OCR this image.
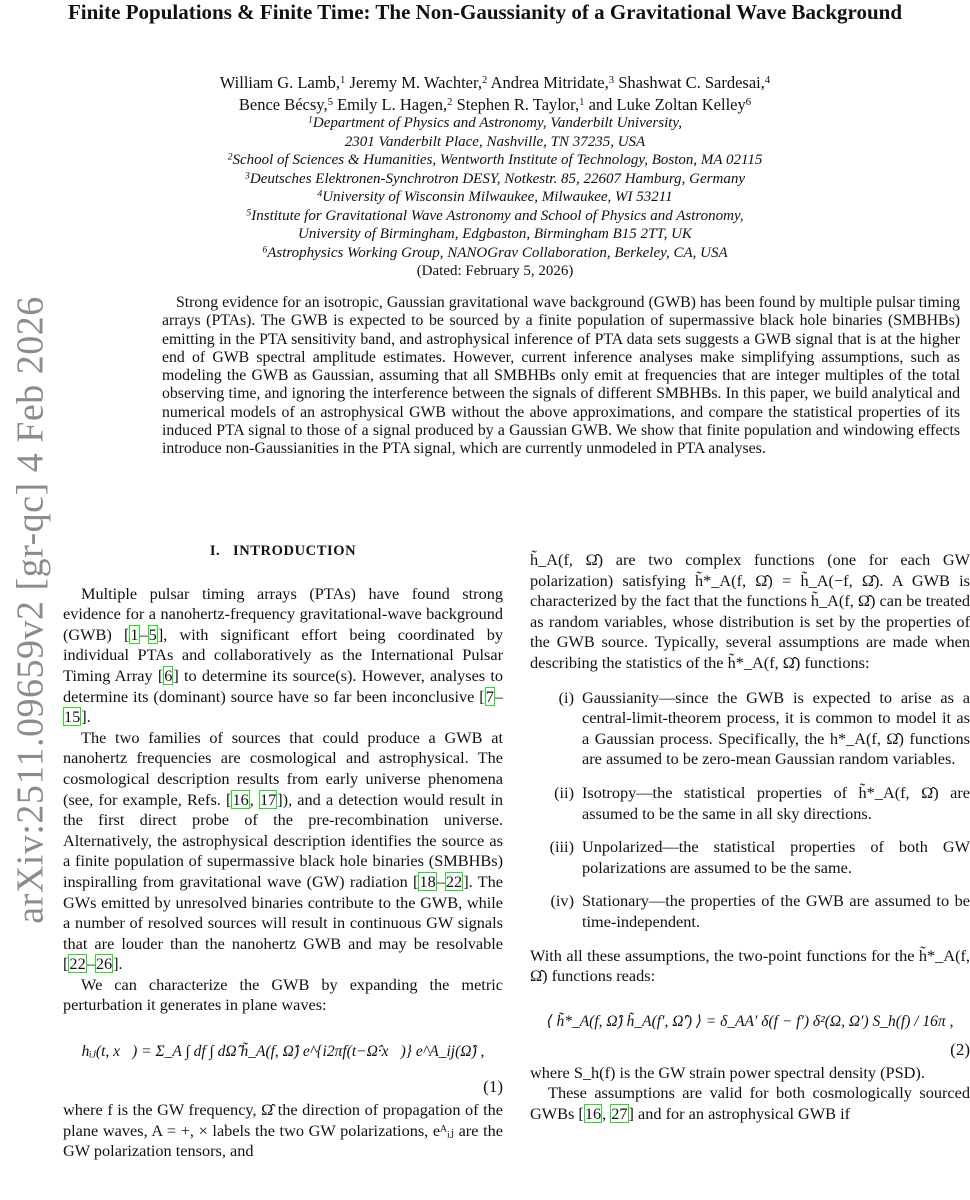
arXiv:2511.09659v2 [gr-qc] 4 Feb 2026
Finite Populations & Finite Time: The Non-Gaussianity of a Gravitational Wave Background
William G. Lamb,$^1$ Jeremy M. Wachter,$^2$ Andrea Mitridate,$^3$ Shashwat C. Sardesai,$^4$
Bence Bécsy,$^5$ Emily L. Hagen,$^2$ Stephen R. Taylor,$^1$ and Luke Zoltan Kelley$^6$
$^1$Department of Physics and Astronomy, Vanderbilt University,
2301 Vanderbilt Place, Nashville, TN 37235, USA
$^2$School of Sciences & Humanities, Wentworth Institute of Technology, Boston, MA 02115
$^3$Deutsches Elektronen-Synchrotron DESY, Notkestr. 85, 22607 Hamburg, Germany
$^4$University of Wisconsin Milwaukee, Milwaukee, WI 53211
$^5$Institute for Gravitational Wave Astronomy and School of Physics and Astronomy,
University of Birmingham, Edgbaston, Birmingham B15 2TT, UK
$^6$Astrophysics Working Group, NANOGrav Collaboration, Berkeley, CA, USA
(Dated: February 5, 2026)

Strong evidence for an isotropic, Gaussian gravitational wave background (GWB) has been found by multiple pulsar timing arrays (PTAs). The GWB is expected to be sourced by a finite population of supermassive black hole binaries (SMBHBs) emitting in the PTA sensitivity band, and astrophysical inference of PTA data sets suggests a GWB signal that is at the higher end of GWB spectral amplitude estimates. However, current inference analyses make simplifying assumptions, such as modeling the GWB as Gaussian, assuming that all SMBHBs only emit at frequencies that are integer multiples of the total observing time, and ignoring the interference between the signals of different SMBHBs. In this paper, we build analytical and numerical models of an astrophysical GWB without the above approximations, and compare the statistical properties of its induced PTA signal to those of a signal produced by a Gaussian GWB. We show that finite population and windowing effects introduce non-Gaussianities in the PTA signal, which are currently unmodeled in PTA analyses.

I. INTRODUCTION

Multiple pulsar timing arrays (PTAs) have found strong evidence for a nanohertz-frequency gravitational-wave background (GWB) [1–5], with significant effort being coordinated by individual PTAs and collaboratively as the International Pulsar Timing Array [6] to determine its source(s). However, analyses to determine its (dominant) source have so far been inconclusive [7–15].

The two families of sources that could produce a GWB at nanohertz frequencies are cosmological and astrophysical. The cosmological description results from early universe phenomena (see, for example, Refs. [16, 17]), and a detection would result in the first direct probe of the pre-recombination universe. Alternatively, the astrophysical description identifies the source as a finite population of supermassive black hole binaries (SMBHBs) inspiralling from gravitational wave (GW) radiation [18–22]. The GWs emitted by unresolved binaries contribute to the GWB, while a number of resolved sources will result in continuous GW signals that are louder than the nanohertz GWB and may be resolvable [22–26].

We can characterize the GWB by expanding the metric perturbation it generates in plane waves:

hᵢⱼ(t, x⃗) = Σ_A ∫ df ∫ dΩ̂ h̃_A(f, Ω̂) e^{i2πf(t−Ω̂·x⃗)} e^A_ij(Ω̂) ,
(1)

where f is the GW frequency, Ω̂ the direction of propagation of the plane waves, A = +, × labels the two GW polarizations, eᴬᵢⱼ are the GW polarization tensors, and

h̃_A(f, Ω̂) are two complex functions (one for each GW polarization) satisfying h̃*_A(f, Ω̂) = h̃_A(−f, Ω̂). A GWB is characterized by the fact that the functions h̃_A(f, Ω̂) can be treated as random variables, whose distribution is set by the properties of the GWB source. Typically, several assumptions are made when describing the statistics of the h̃*_A(f, Ω̂) functions:

(i) Gaussianity—since the GWB is expected to arise as a central-limit-theorem process, it is common to model it as a Gaussian process. Specifically, the h*_A(f, Ω̂) functions are assumed to be zero-mean Gaussian random variables.
(ii) Isotropy—the statistical properties of h̃*_A(f, Ω̂) are assumed to be the same in all sky directions.
(iii) Unpolarized—the statistical properties of both GW polarizations are assumed to be the same.
(iv) Stationary—the properties of the GWB are assumed to be time-independent.

With all these assumptions, the two-point functions for the h̃*_A(f, Ω̂) functions reads:

⟨ h̃*_A(f, Ω̂) h̃_A(f′, Ω̂′) ⟩ = δ_AA′ δ(f − f′) δ²(Ω, Ω′) S_h(f) / 16π ,
(2)

where S_h(f) is the GW strain power spectral density (PSD).

These assumptions are valid for both cosmologically sourced GWBs [16, 27] and for an astrophysical GWB if
